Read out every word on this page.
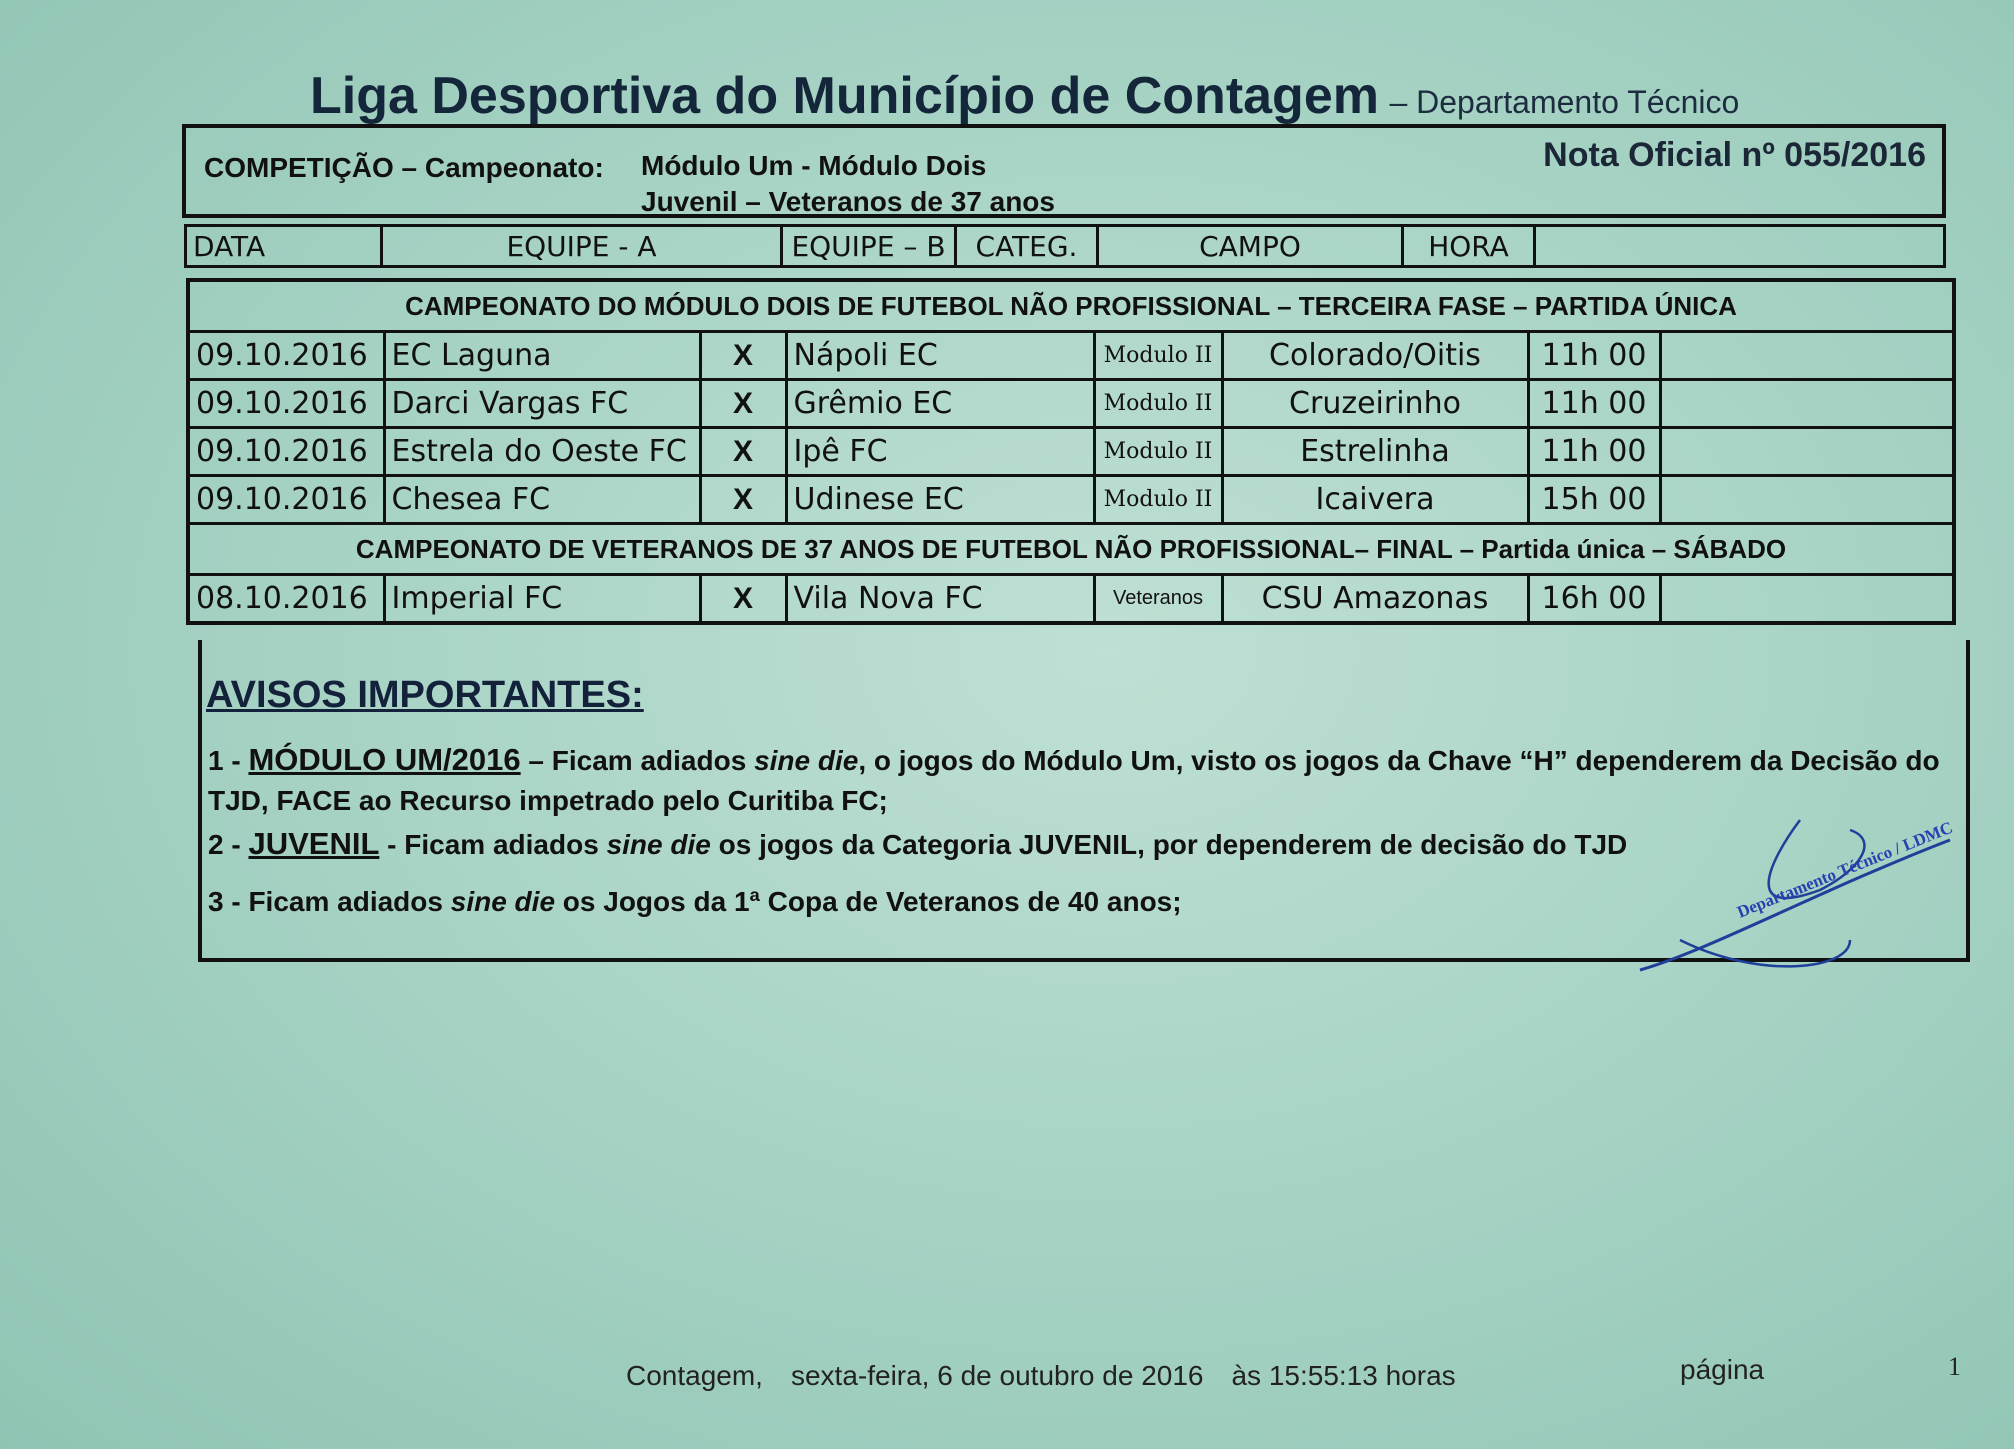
Liga Desportiva do Município de Contagem – Departamento Técnico
COMPETIÇÃO – Campeonato: Módulo Um - Módulo Dois
Juvenil – Veteranos de 37 anos
Nota Oficial nº 055/2016
DATA	EQUIPE - A	EQUIPE – B	CATEG.	CAMPO	HORA	
CAMPEONATO DO MÓDULO DOIS DE FUTEBOL NÃO PROFISSIONAL – TERCEIRA FASE – PARTIDA ÚNICA							
09.10.2016	EC Laguna	X	Nápoli EC	Modulo II	Colorado/Oitis	11h 00	
09.10.2016	Darci Vargas FC	X	Grêmio EC	Modulo II	Cruzeirinho	11h 00	
09.10.2016	Estrela do Oeste FC	X	Ipê FC	Modulo II	Estrelinha	11h 00	
09.10.2016	Chesea FC	X	Udinese EC	Modulo II	Icaivera	15h 00	
CAMPEONATO DE VETERANOS DE 37 ANOS DE FUTEBOL NÃO PROFISSIONAL– FINAL – Partida única – SÁBADO							
08.10.2016	Imperial FC	X	Vila Nova FC	Veteranos	CSU Amazonas	16h 00	
AVISOS IMPORTANTES:
1 - MÓDULO UM/2016 – Ficam adiados sine die, o jogos do Módulo Um, visto os jogos da Chave “H” dependerem da Decisão do TJD, FACE ao Recurso impetrado pelo Curitiba FC;
2 - JUVENIL - Ficam adiados sine die os jogos da Categoria JUVENIL, por dependerem de decisão do TJD
3 - Ficam adiados sine die os Jogos da 1ª Copa de Veteranos de 40 anos;	Departamento Técnico / LDMC
Contagem, sexta-feira, 6 de outubro de 2016 às 15:55:13 horas	página	1
